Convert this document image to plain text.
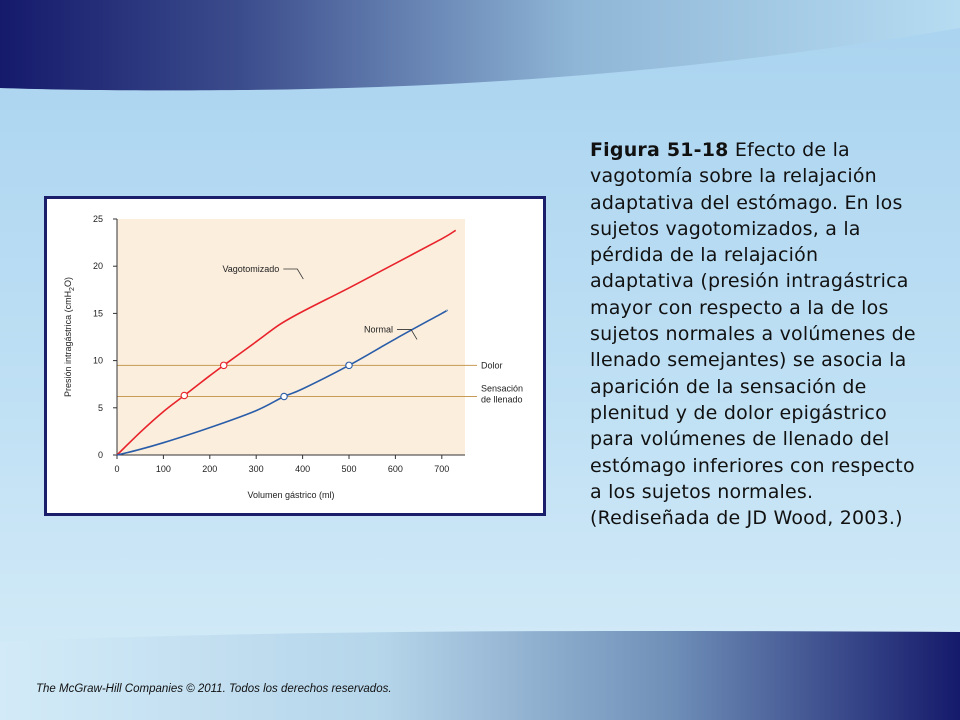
Figura 51-18 Efecto de la vagotomía sobre la relajación adaptativa del estómago. En los sujetos vagotomizados, a la pérdida de la relajación adaptativa (presión intragástrica mayor con respecto a la de los sujetos normales a volúmenes de llenado semejantes) se asocia la aparición de la sensación de plenitud y de dolor epigástrico para volúmenes de llenado del estómago inferiores con respecto a los sujetos normales. (Rediseñada de JD Wood, 2003.)
0	100	200	300	400	500	600	700
0
5
10
15
20
25
Volumen gástrico (ml)
Presión intragástrica (cmH$_2$O)
Vagotomizado
Normal
Dolor
Sensación
de llenado
The McGraw-Hill Companies © 2011. Todos los derechos reservados.
